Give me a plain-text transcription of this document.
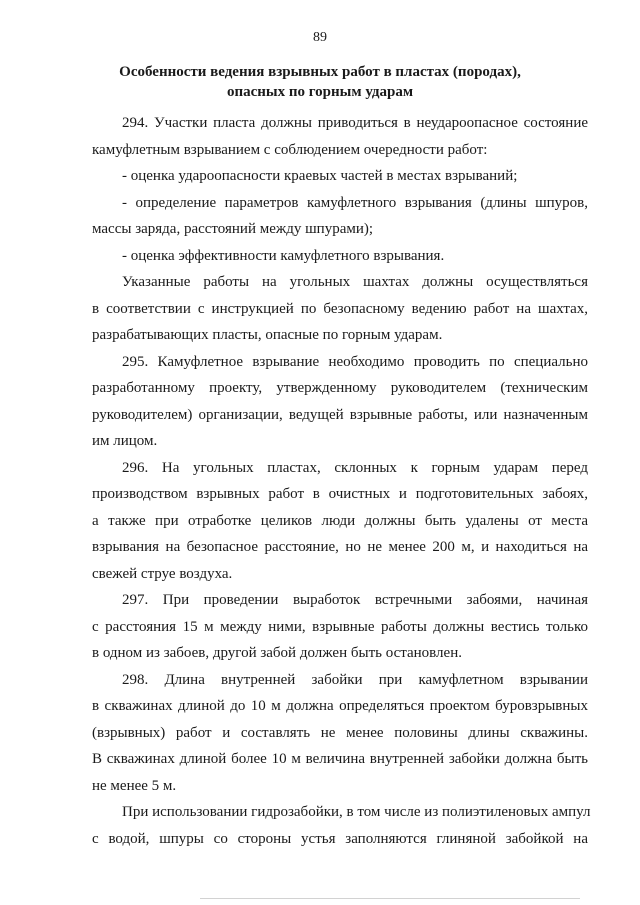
89
Особенности ведения взрывных работ в пластах (породах),
опасных по горным ударам
294. Участки пласта должны приводиться в неудароопасное состояние
камуфлетным взрыванием с соблюдением очередности работ:
- оценка удароопасности краевых частей в местах взрываний;
- определение параметров камуфлетного взрывания (длины шпуров,
массы заряда, расстояний между шпурами);
- оценка эффективности камуфлетного взрывания.
Указанные работы на угольных шахтах должны осуществляться
в соответствии с инструкцией по безопасному ведению работ на шахтах,
разрабатывающих пласты, опасные по горным ударам.
295. Камуфлетное взрывание необходимо проводить по специально
разработанному проекту, утвержденному руководителем (техническим
руководителем) организации, ведущей взрывные работы, или назначенным
им лицом.
296. На угольных пластах, склонных к горным ударам перед
производством взрывных работ в очистных и подготовительных забоях,
а также при отработке целиков люди должны быть удалены от места
взрывания на безопасное расстояние, но не менее 200 м, и находиться на
свежей струе воздуха.
297. При проведении выработок встречными забоями, начиная
с расстояния 15 м между ними, взрывные работы должны вестись только
в одном из забоев, другой забой должен быть остановлен.
298. Длина внутренней забойки при камуфлетном взрывании
в скважинах длиной до 10 м должна определяться проектом буровзрывных
(взрывных) работ и составлять не менее половины длины скважины.
В скважинах длиной более 10 м величина внутренней забойки должна быть
не менее 5 м.
При использовании гидрозабойки, в том числе из полиэтиленовых ампул
с водой, шпуры со стороны устья заполняются глиняной забойкой на
